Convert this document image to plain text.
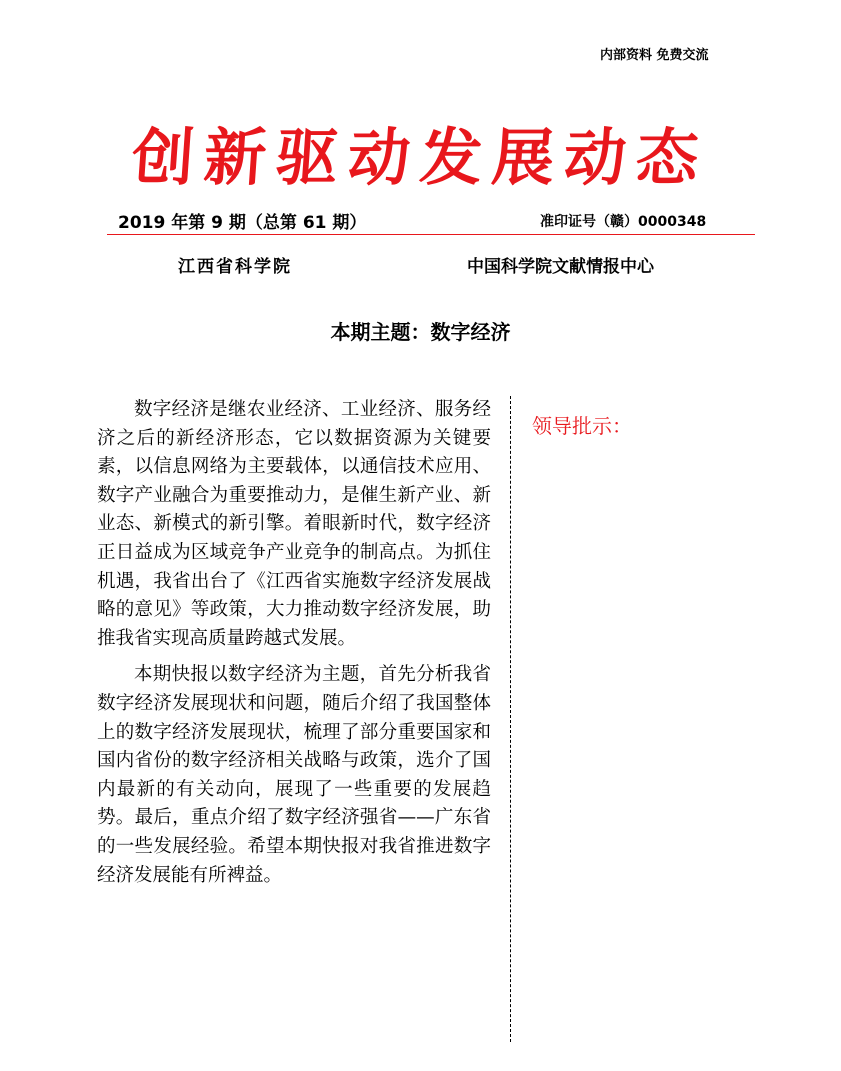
内部资料 免费交流
创新驱动发展动态
2019 年第 9 期（总第 61 期）	准印证号（赣）0000348
江西省科学院	中国科学院文献情报中心
本期主题：数字经济

数字经济是继农业经济、工业经济、服务经济之后的新经济形态，它以数据资源为关键要素，以信息网络为主要载体，以通信技术应用、数字产业融合为重要推动力，是催生新产业、新业态、新模式的新引擎。着眼新时代，数字经济正日益成为区域竞争产业竞争的制高点。为抓住机遇，我省出台了《江西省实施数字经济发展战略的意见》等政策，大力推动数字经济发展，助推我省实现高质量跨越式发展。

本期快报以数字经济为主题，首先分析我省数字经济发展现状和问题，随后介绍了我国整体上的数字经济发展现状，梳理了部分重要国家和国内省份的数字经济相关战略与政策，选介了国内最新的有关动向，展现了一些重要的发展趋势。最后，重点介绍了数字经济强省——广东省的一些发展经验。希望本期快报对我省推进数字经济发展能有所裨益。

领导批示：
